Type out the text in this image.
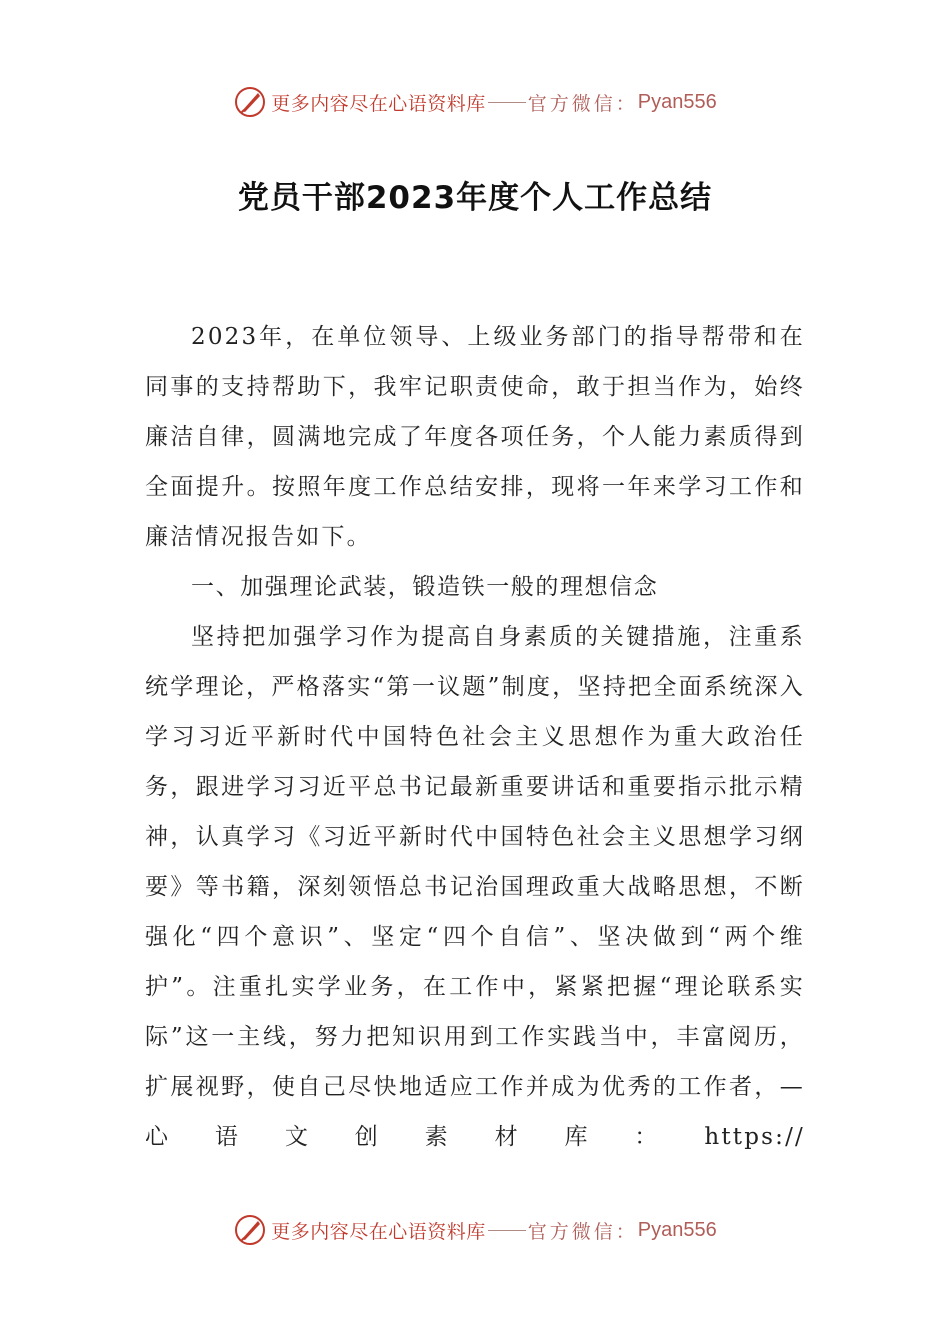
更多内容尽在心语资料库 官方微信： Pyan556
党员干部2023年度个人工作总结

2023年，在单位领导、上级业务部门的指导帮带和在同事的支持帮助下，我牢记职责使命，敢于担当作为，始终廉洁自律，圆满地完成了年度各项任务，个人能力素质得到全面提升。按照年度工作总结安排，现将一年来学习工作和廉洁情况报告如下。

一、加强理论武装，锻造铁一般的理想信念

坚持把加强学习作为提高自身素质的关键措施，注重系统学理论，严格落实“第一议题”制度，坚持把全面系统深入学习习近平新时代中国特色社会主义思想作为重大政治任务，跟进学习习近平总书记最新重要讲话和重要指示批示精神，认真学习《习近平新时代中国特色社会主义思想学习纲要》等书籍，深刻领悟总书记治国理政重大战略思想，不断强化“四个意识”、坚定“四个自信”、坚决做到“两个维护”。注重扎实学业务，在工作中，紧紧把握“理论联系实际”这一主线，努力把知识用到工作实践当中，丰富阅历，扩展视野，使自己尽快地适应工作并成为优秀的工作者，—心语文创素材库：https://

更多内容尽在心语资料库 官方微信： Pyan556
